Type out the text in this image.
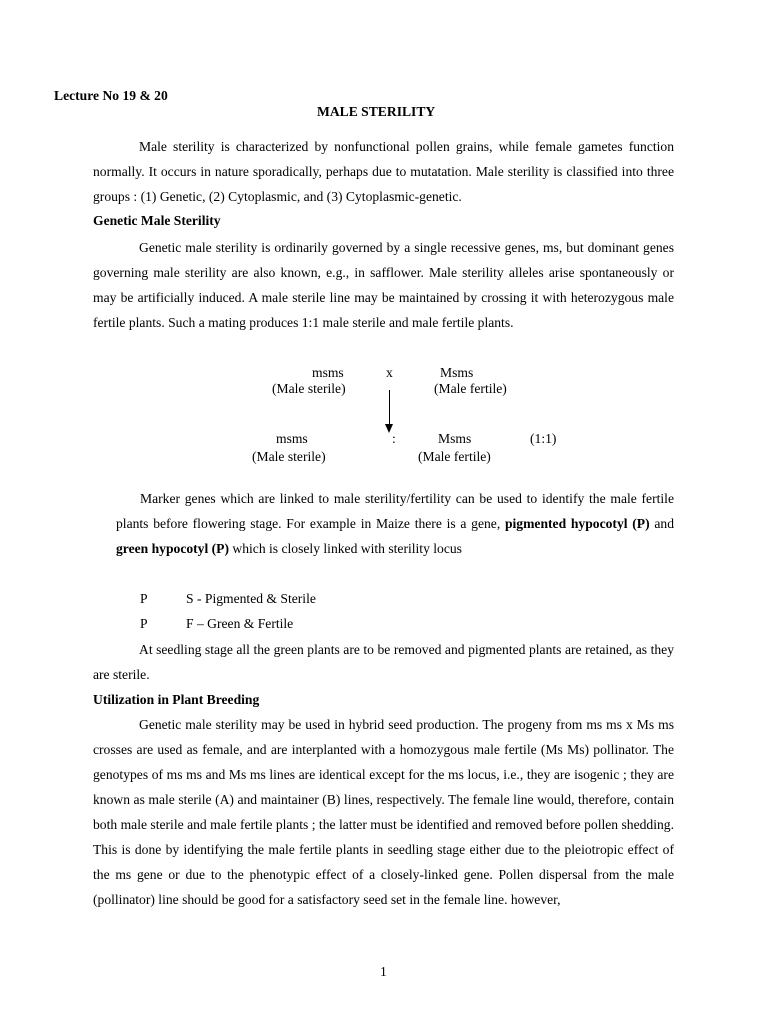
Lecture No 19 & 20
MALE STERILITY

Male sterility is characterized by nonfunctional pollen grains, while female gametes function normally. It occurs in nature sporadically, perhaps due to mutatation. Male sterility is classified into three groups : (1) Genetic, (2) Cytoplasmic, and (3) Cytoplasmic-genetic.

Genetic Male Sterility

Genetic male sterility is ordinarily governed by a single recessive genes, ms, but dominant genes governing male sterility are also known, e.g., in safflower. Male sterility alleles arise spontaneously or may be artificially induced. A male sterile line may be maintained by crossing it with heterozygous male fertile plants. Such a mating produces 1:1 male sterile and male fertile plants.

msms	x	Msms
(Male sterile)	(Male fertile)
msms	:	Msms	(1:1)
(Male sterile)	(Male fertile)

Marker genes which are linked to male sterility/fertility can be used to identify the male fertile plants before flowering stage. For example in Maize there is a gene, pigmented hypocotyl (P) and green hypocotyl (P) which is closely linked with sterility locus

P	S - Pigmented & Sterile
P	F – Green & Fertile

At seedling stage all the green plants are to be removed and pigmented plants are retained, as they are sterile.

Utilization in Plant Breeding

Genetic male sterility may be used in hybrid seed production. The progeny from ms ms x Ms ms crosses are used as female, and are interplanted with a homozygous male fertile (Ms Ms) pollinator. The genotypes of ms ms and Ms ms lines are identical except for the ms locus, i.e., they are isogenic ; they are known as male sterile (A) and maintainer (B) lines, respectively. The female line would, therefore, contain both male sterile and male fertile plants ; the latter must be identified and removed before pollen shedding. This is done by identifying the male fertile plants in seedling stage either due to the pleiotropic effect of the ms gene or due to the phenotypic effect of a closely-linked gene. Pollen dispersal from the male (pollinator) line should be good for a satisfactory seed set in the female line. however,

1
